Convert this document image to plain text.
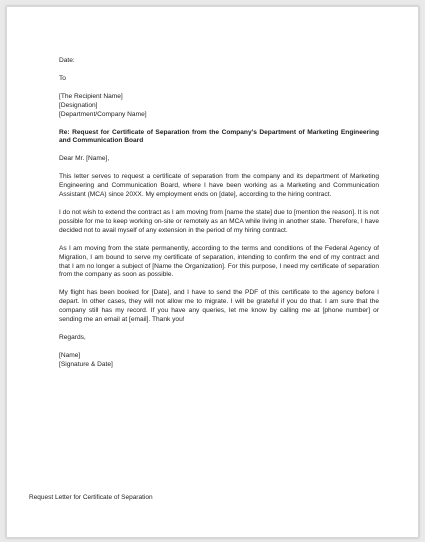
Date:
To
[The Recipient Name]
[Designation]
[Department/Company Name]

Re: Request for Certificate of Separation from the Company’s Department of Marketing Engineering and Communication Board

Dear Mr. [Name],

This letter serves to request a certificate of separation from the company and its department of Marketing Engineering and Communication Board, where I have been working as a Marketing and Communication Assistant (MCA) since 20XX. My employment ends on [date], according to the hiring contract.

I do not wish to extend the contract as I am moving from [name the state] due to [mention the reason]. It is not possible for me to keep working on-site or remotely as an MCA while living in another state. Therefore, I have decided not to avail myself of any extension in the period of my hiring contract.

As I am moving from the state permanently, according to the terms and conditions of the Federal Agency of Migration, I am bound to serve my certificate of separation, intending to confirm the end of my contract and that I am no longer a subject of [Name the Organization]. For this purpose, I need my certificate of separation from the company as soon as possible.

My flight has been booked for [Date], and I have to send the PDF of this certificate to the agency before I depart. In other cases, they will not allow me to migrate. I will be grateful if you do that. I am sure that the company still has my record. If you have any queries, let me know by calling me at [phone number] or sending me an email at [email]. Thank you!

Regards,
[Name]
[Signature & Date]
Request Letter for Certificate of Separation
